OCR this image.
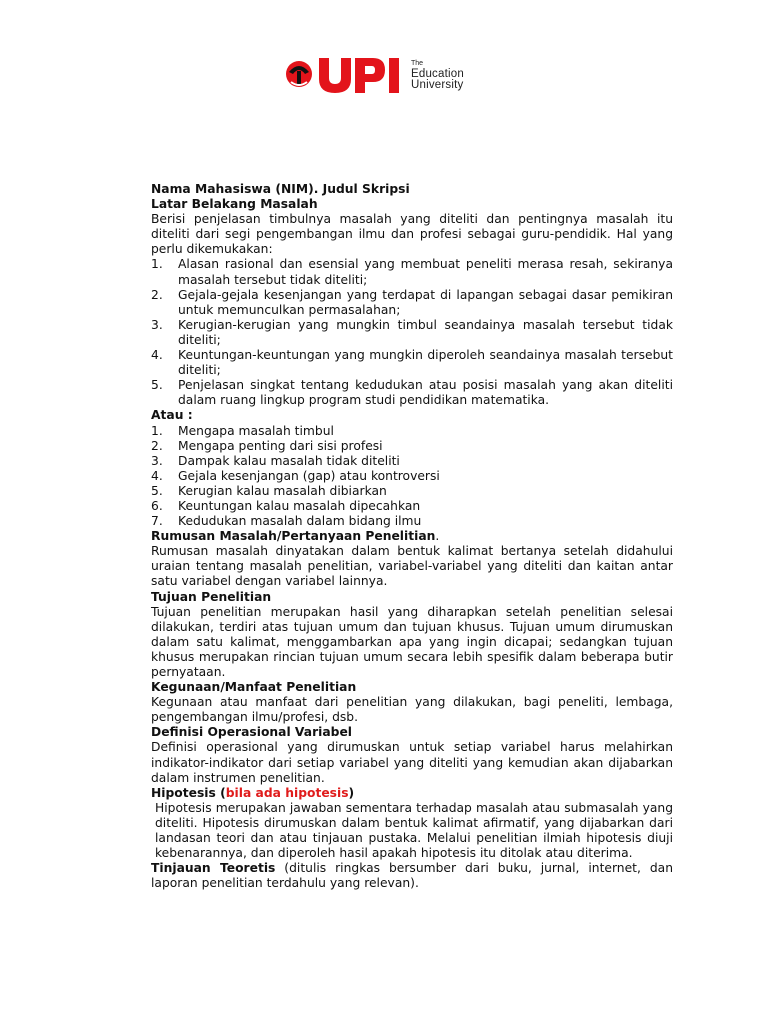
The
Education
University

Nama Mahasiswa (NIM). Judul Skripsi

Latar Belakang Masalah

Berisi penjelasan timbulnya masalah yang diteliti dan pentingnya masalah itu diteliti dari segi pengembangan ilmu dan profesi sebagai guru-pendidik. Hal yang perlu dikemukakan:

1.	Alasan rasional dan esensial yang membuat peneliti merasa resah, sekiranya masalah tersebut tidak diteliti;
2.	Gejala-gejala kesenjangan yang terdapat di lapangan sebagai dasar pemikiran untuk memunculkan permasalahan;
3.	Kerugian-kerugian yang mungkin timbul seandainya masalah tersebut tidak diteliti;
4.	Keuntungan-keuntungan yang mungkin diperoleh seandainya masalah tersebut diteliti;
5.	Penjelasan singkat tentang kedudukan atau posisi masalah yang akan diteliti dalam ruang lingkup program studi pendidikan matematika.

Atau :

1.	Mengapa masalah timbul
2.	Mengapa penting dari sisi profesi
3.	Dampak kalau masalah tidak diteliti
4.	Gejala kesenjangan (gap) atau kontroversi
5.	Kerugian kalau masalah dibiarkan
6.	Keuntungan kalau masalah dipecahkan
7.	Kedudukan masalah dalam bidang ilmu

Rumusan Masalah/Pertanyaan Penelitian.

Rumusan masalah dinyatakan dalam bentuk kalimat bertanya setelah didahului uraian tentang masalah penelitian, variabel-variabel yang diteliti dan kaitan antar satu variabel dengan variabel lainnya.

Tujuan Penelitian

Tujuan penelitian merupakan hasil yang diharapkan setelah penelitian selesai dilakukan, terdiri atas tujuan umum dan tujuan khusus. Tujuan umum dirumuskan dalam satu kalimat, menggambarkan apa yang ingin dicapai; sedangkan tujuan khusus merupakan rincian tujuan umum secara lebih spesifik dalam beberapa butir pernyataan.

Kegunaan/Manfaat Penelitian

Kegunaan atau manfaat dari penelitian yang dilakukan, bagi peneliti, lembaga, pengembangan ilmu/profesi, dsb.

Definisi Operasional Variabel

Definisi operasional yang dirumuskan untuk setiap variabel harus melahirkan indikator-indikator dari setiap variabel yang diteliti yang kemudian akan dijabarkan dalam instrumen penelitian.

Hipotesis (bila ada hipotesis)

Hipotesis merupakan jawaban sementara terhadap masalah atau submasalah yang diteliti. Hipotesis dirumuskan dalam bentuk kalimat afirmatif, yang dijabarkan dari landasan teori dan atau tinjauan pustaka. Melalui penelitian ilmiah hipotesis diuji kebenarannya, dan diperoleh hasil apakah hipotesis itu ditolak atau diterima.

Tinjauan Teoretis (ditulis ringkas bersumber dari buku, jurnal, internet, dan laporan penelitian terdahulu yang relevan).
